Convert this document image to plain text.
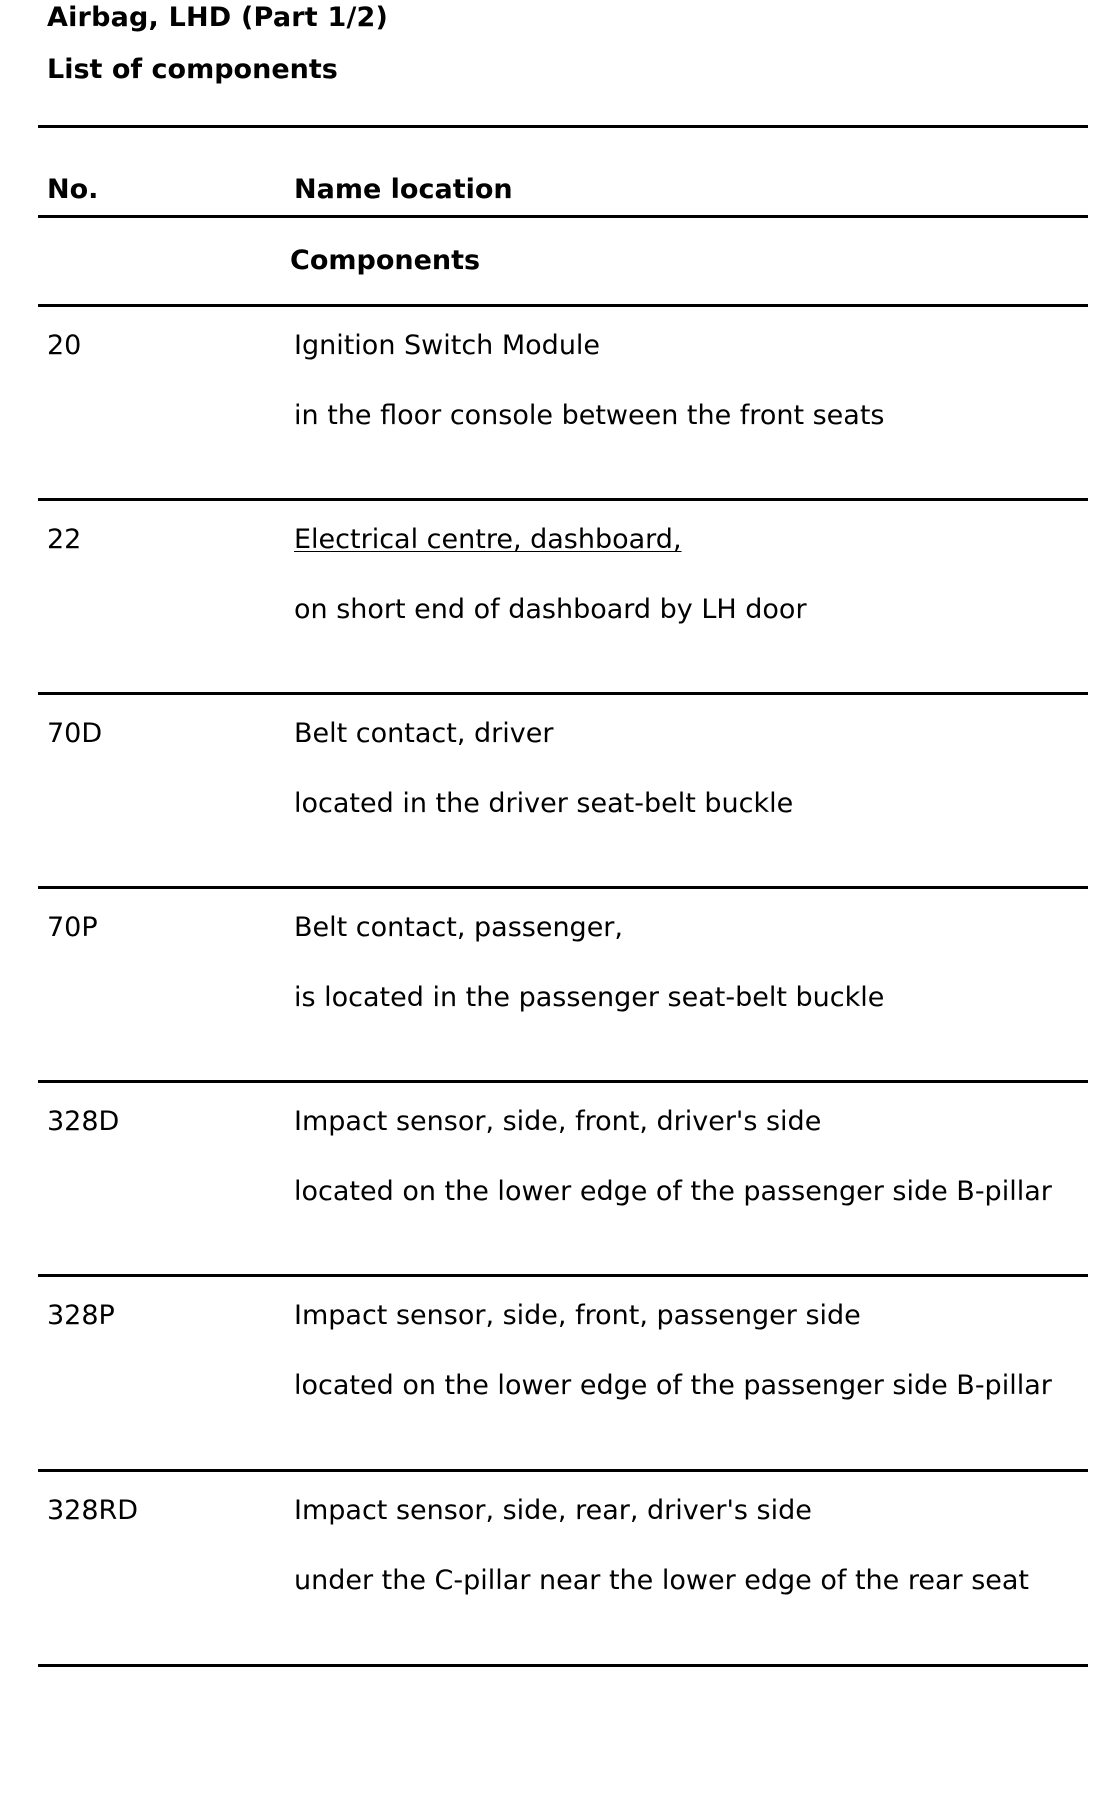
Airbag, LHD (Part 1/2)
List of components
No.	Name location
Components
20	Ignition Switch Module
in the floor console between the front seats
22	Electrical centre, dashboard,
on short end of dashboard by LH door
70D	Belt contact, driver
located in the driver seat-belt buckle
70P	Belt contact, passenger,
is located in the passenger seat-belt buckle
328D	Impact sensor, side, front, driver's side
located on the lower edge of the passenger side B-pillar
328P	Impact sensor, side, front, passenger side
located on the lower edge of the passenger side B-pillar
328RD	Impact sensor, side, rear, driver's side
under the C-pillar near the lower edge of the rear seat
